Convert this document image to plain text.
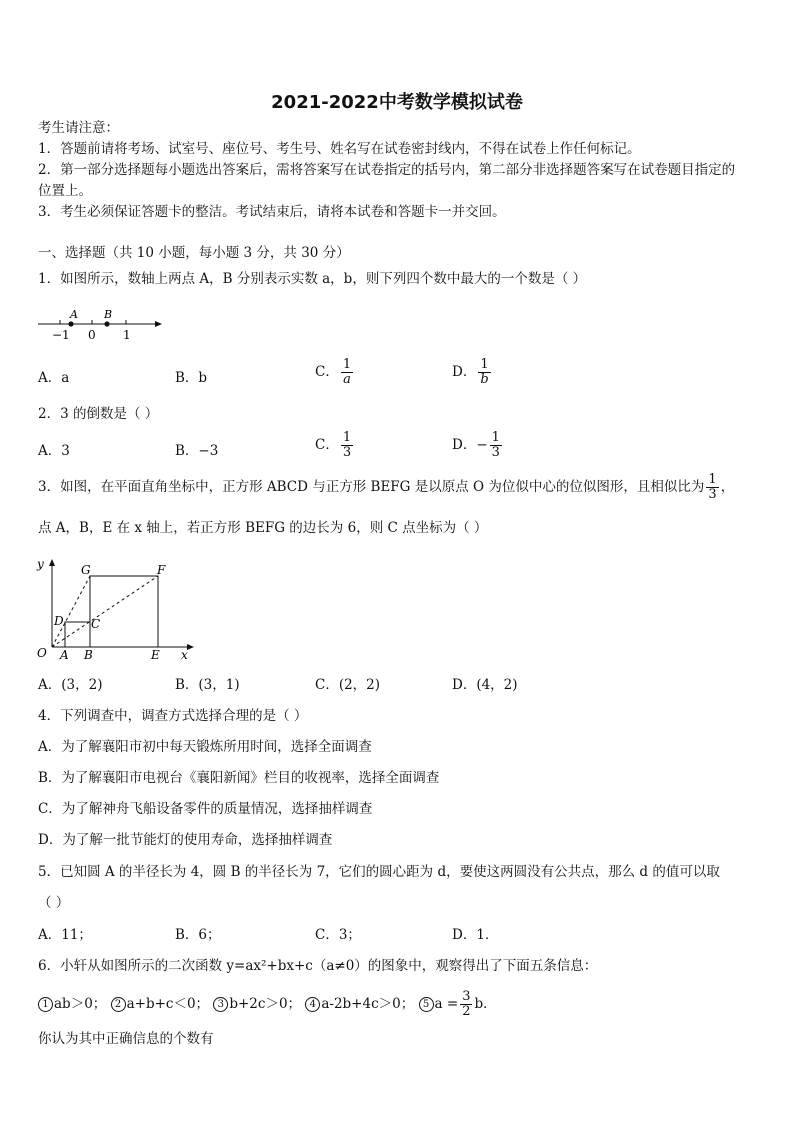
2021-2022中考数学模拟试卷
考生请注意：
1．答题前请将考场、试室号、座位号、考生号、姓名写在试卷密封线内，不得在试卷上作任何标记。
2．第一部分选择题每小题选出答案后，需将答案写在试卷指定的括号内，第二部分非选择题答案写在试卷题目指定的
位置上。
3．考生必须保证答题卡的整洁。考试结束后，请将本试卷和答题卡一并交回。
一、选择题（共 10 小题，每小题 3 分，共 30 分）
1．如图所示，数轴上两点 A，B 分别表示实数 a，b，则下列四个数中最大的一个数是（ ）
A B
−1 0 1
A．a	B．b	C． $\frac{1}{a}$	D． $\frac{1}{b}$
2．3 的倒数是（ ）
A．3	B．−3	C． $\frac{1}{3}$	D．− $\frac{1}{3}$
3．如图，在平面直角坐标中，正方形 ABCD 与正方形 BEFG 是以原点 O 为位似中心的位似图形，且相似比为 $\frac{1}{3}$ ，
点 A，B，E 在 x 轴上，若正方形 BEFG 的边长为 6，则 C 点坐标为（ ）
y
x
O A B	E
C
D
G	F
A．(3，2)	B．(3，1)	C．(2，2)	D．(4，2)
4．下列调查中，调查方式选择合理的是（ ）
A．为了解襄阳市初中每天锻炼所用时间，选择全面调查
B．为了解襄阳市电视台《襄阳新闻》栏目的收视率，选择全面调查
C．为了解神舟飞船设备零件的质量情况，选择抽样调查
D．为了解一批节能灯的使用寿命，选择抽样调查
5．已知圆 A 的半径长为 4，圆 B 的半径长为 7，它们的圆心距为 d，要使这两圆没有公共点，那么 d 的值可以取
（ ）
A．11；	B．6；	C．3；	D．1．
6．小轩从如图所示的二次函数 y=ax²+bx+c（a≠0）的图象中，观察得出了下面五条信息：
1 ab＞0； 2 a+b+c＜0； 3 b+2c＞0； 4 a-2b+4c＞0； 5 $a = \frac{3}{2}$ b．
你认为其中正确信息的个数有
